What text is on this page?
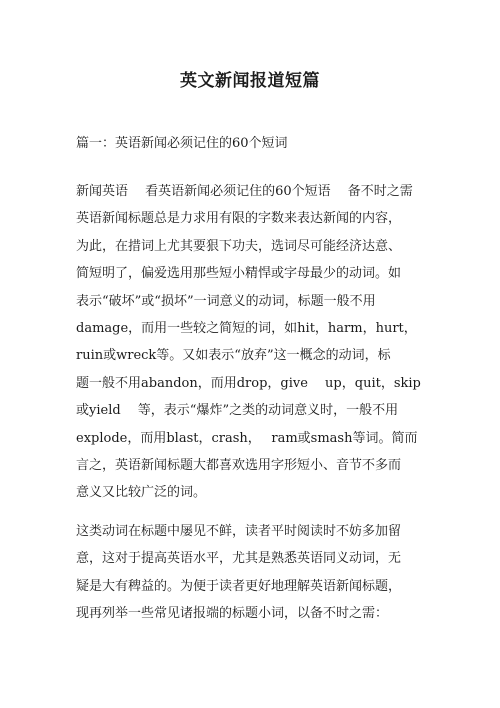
英文新闻报道短篇
篇一：英语新闻必须记住的60个短词
新闻英语　 看英语新闻必须记住的60个短语　 备不时之需
英语新闻标题总是力求用有限的字数来表达新闻的内容，
为此，在措词上尤其要狠下功夫，选词尽可能经济达意、
简短明了，偏爱选用那些短小精悍或字母最少的动词。如
表示“破坏”或“损坏”一词意义的动词，标题一般不用
damage，而用一些较之简短的词，如hit，harm，hurt，
ruin或wreck等。又如表示“放弃”这一概念的动词，标
题一般不用abandon，而用drop，give　 up，quit，skip
或yield　 等，表示“爆炸”之类的动词意义时，一般不用
explode，而用blast，crash，　 ram或smash等词。简而
言之，英语新闻标题大都喜欢选用字形短小、音节不多而
意义又比较广泛的词。
这类动词在标题中屡见不鲜，读者平时阅读时不妨多加留
意，这对于提高英语水平，尤其是熟悉英语同义动词，无
疑是大有稗益的。为便于读者更好地理解英语新闻标题，
现再列举一些常见诸报端的标题小词，以备不时之需：
